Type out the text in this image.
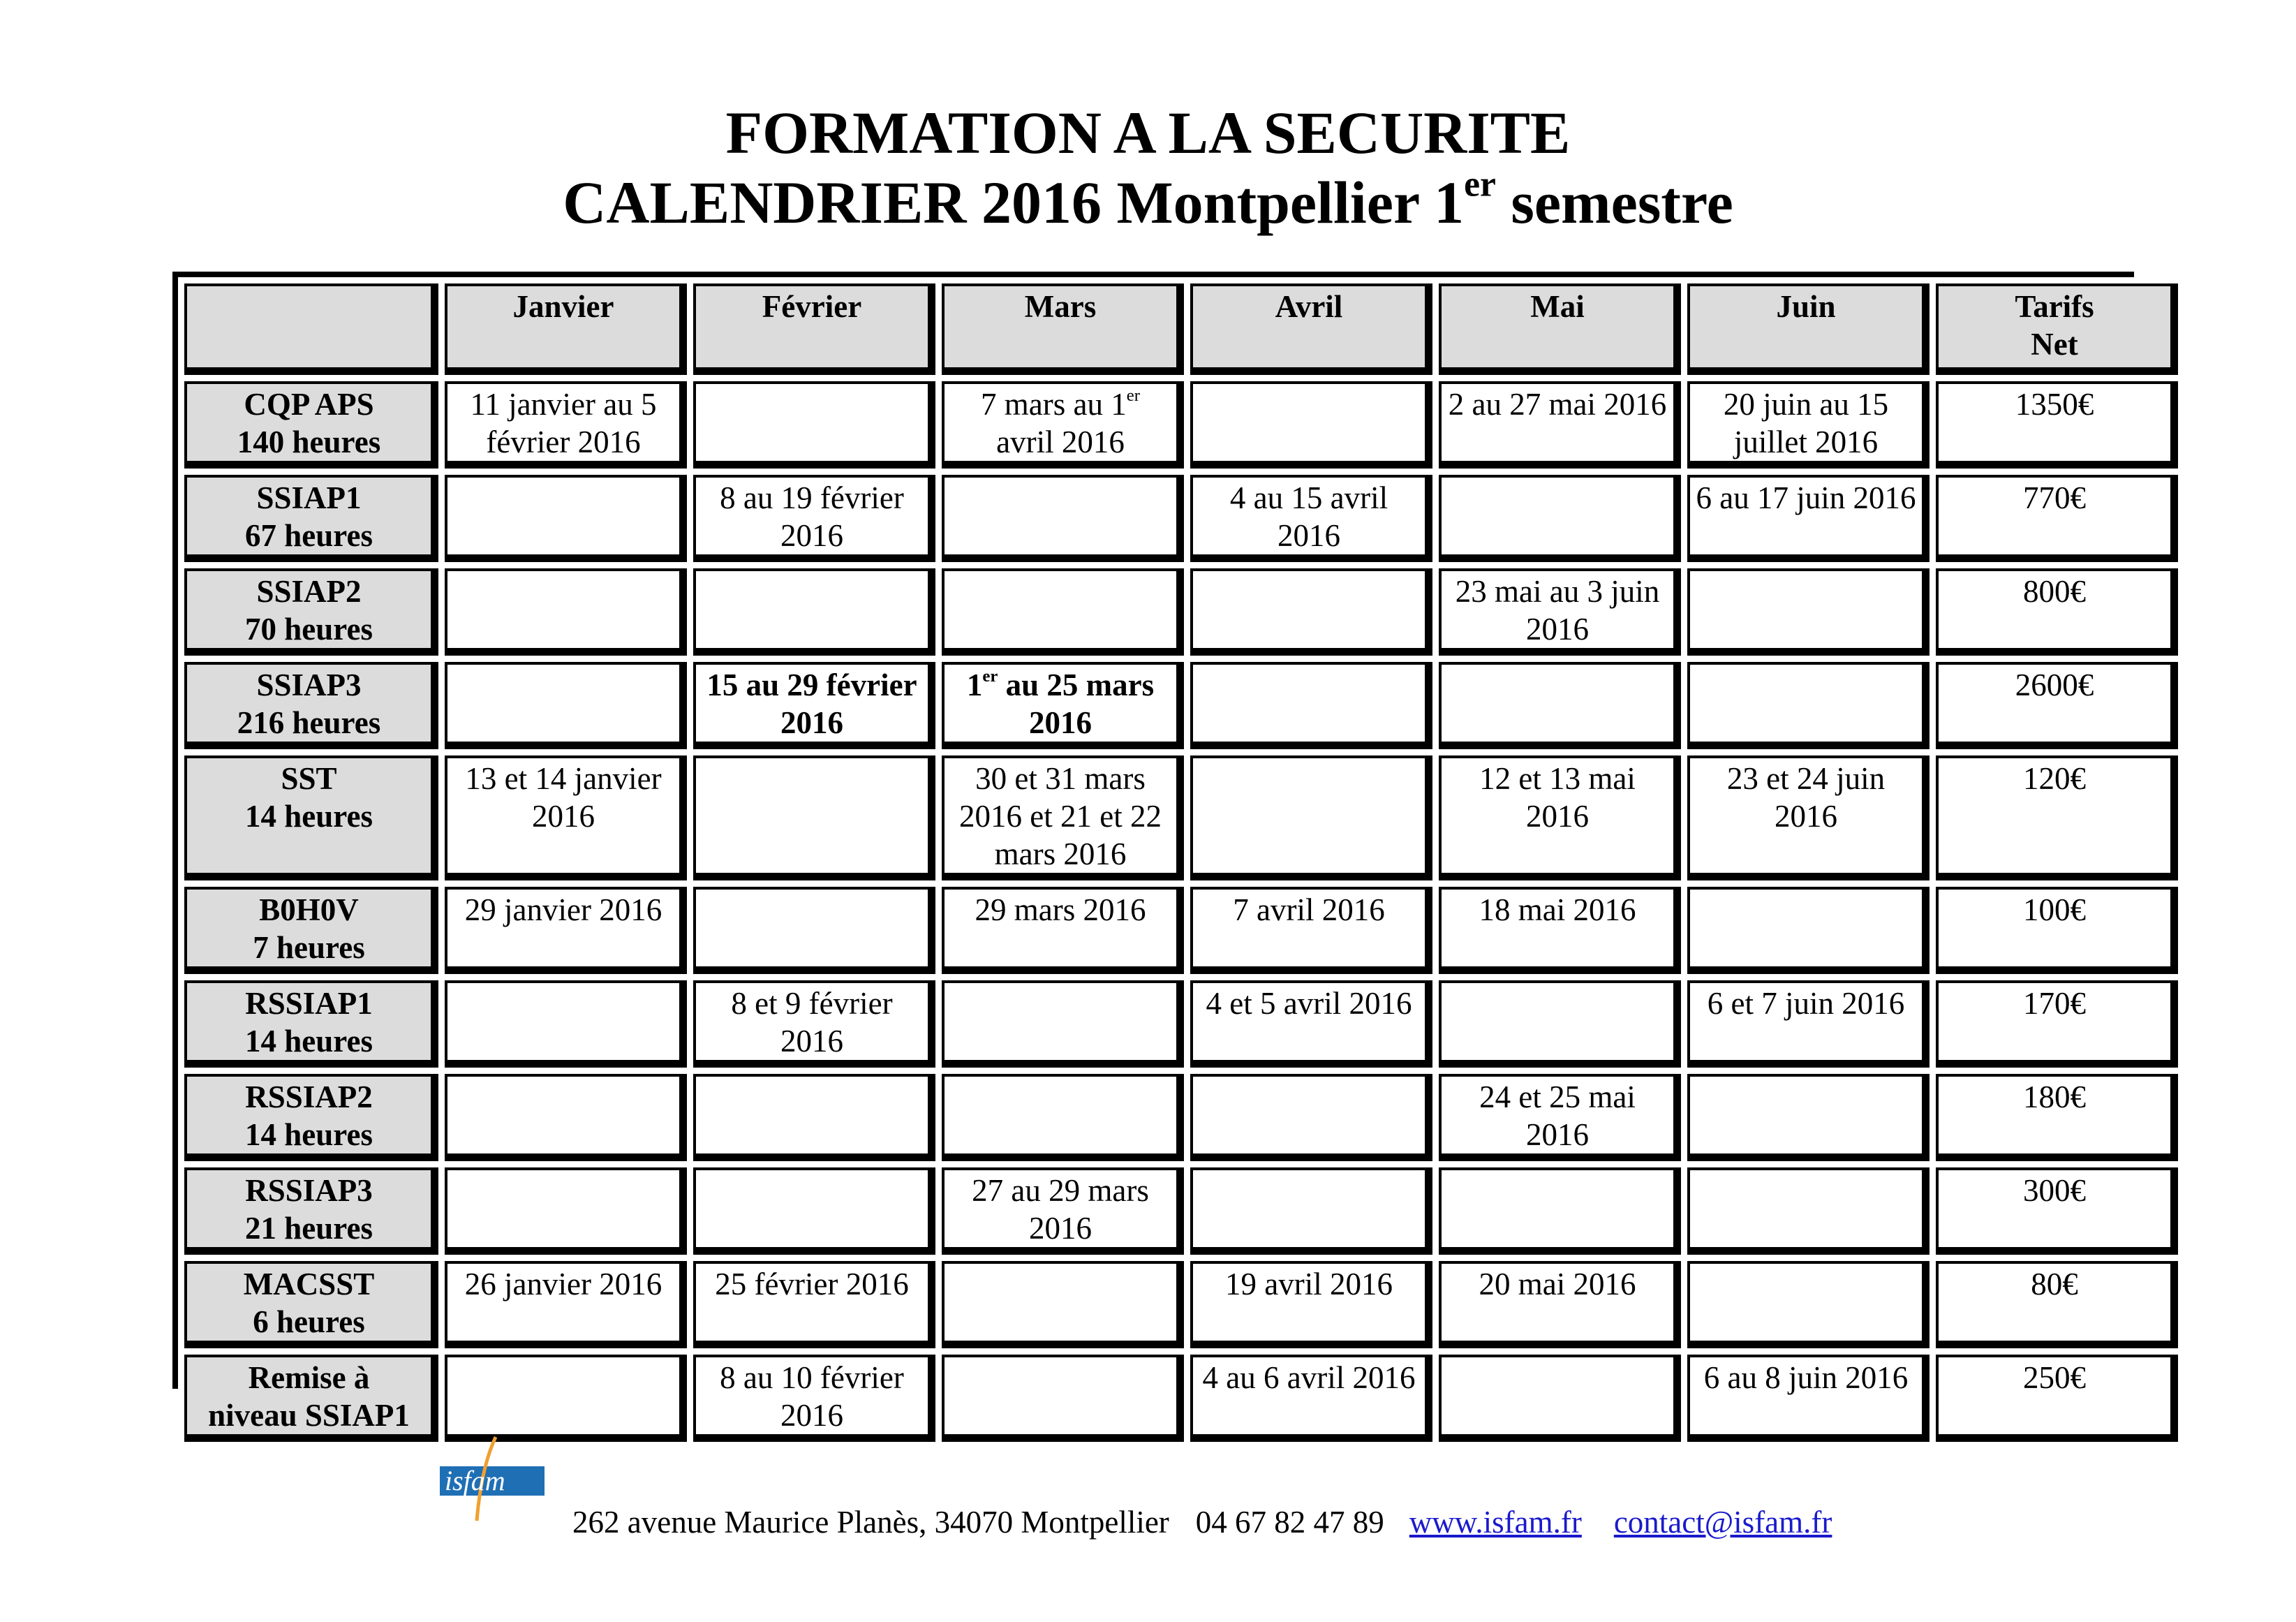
FORMATION A LA SECURITE
CALENDRIER 2016 Montpellier 1er semestre
	Janvier	Février	Mars	Avril	Mai	Juin	Tarifs
Net

CQP APS
140 heures	11 janvier au 5 février 2016		7 mars au 1er avril 2016		2 au 27 mai 2016	20 juin au 15 juillet 2016	1350€

SSIAP1
67 heures		8 au 19 février 2016		4 au 15 avril 2016		6 au 17 juin 2016	770€

SSIAP2
70 heures					23 mai au 3 juin 2016		800€

SSIAP3
216 heures		15 au 29 février 2016	1er au 25 mars 2016				2600€

SST
14 heures	13 et 14 janvier 2016		30 et 31 mars 2016 et 21 et 22 mars 2016		12 et 13 mai 2016	23 et 24 juin 2016	120€

B0H0V
7 heures	29 janvier 2016		29 mars 2016	7 avril 2016	18 mai 2016		100€

RSSIAP1
14 heures		8 et 9 février 2016		4 et 5 avril 2016		6 et 7 juin 2016	170€

RSSIAP2
14 heures					24 et 25 mai 2016		180€

RSSIAP3
21 heures			27 au 29 mars 2016				300€

MACSST
6 heures	26 janvier 2016	25 février 2016		19 avril 2016	20 mai 2016		80€

Remise à
niveau SSIAP1		8 au 10 février 2016		4 au 6 avril 2016		6 au 8 juin 2016	250€
isfam
262 avenue Maurice Planès, 34070 Montpellier 04 67 82 47 89 www.isfam.fr contact@isfam.fr
